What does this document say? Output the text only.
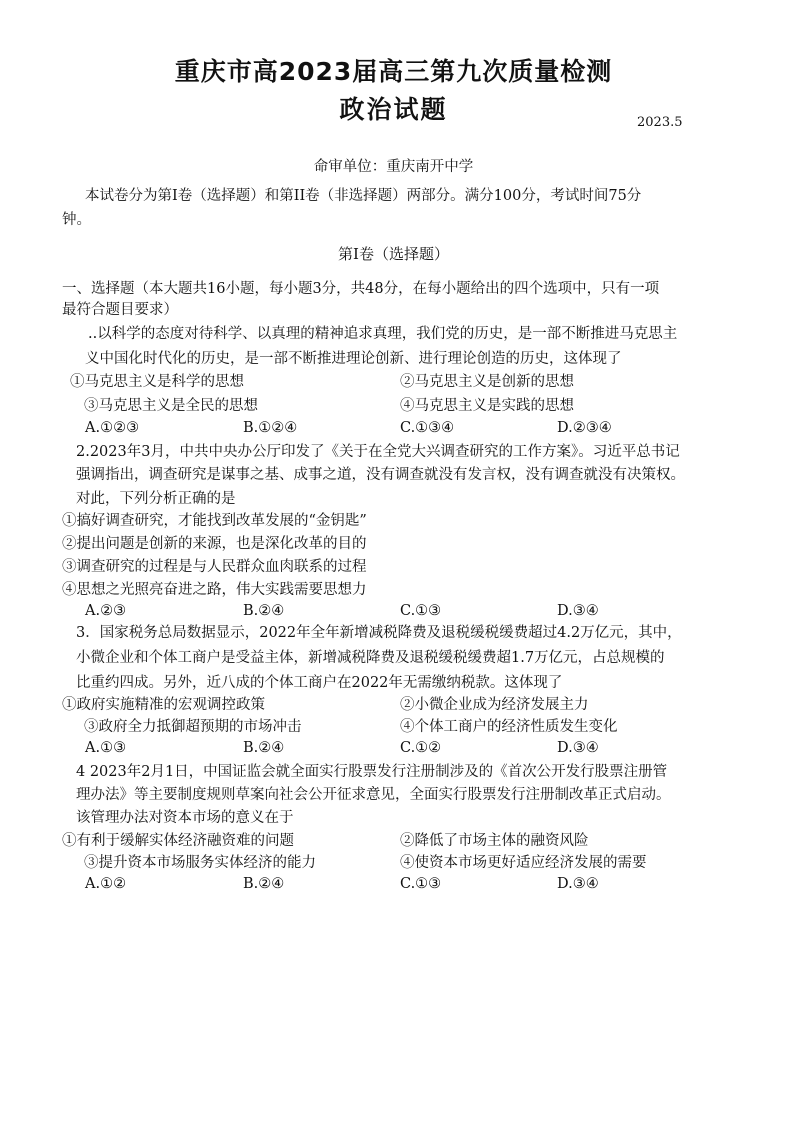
重庆市高2023届高三第九次质量检测
政治试题	2023.5
命审单位：重庆南开中学
本试卷分为第I卷（选择题）和第II卷（非选择题）两部分。满分100分，考试时间75分
钟。
第I卷（选择题）
一、选择题（本大题共16小题，每小题3分，共48分，在每小题给出的四个选项中，只有一项
最符合题目要求）
..以科学的态度对待科学、以真理的精神追求真理，我们党的历史，是一部不断推进马克思主
义中国化时代化的历史，是一部不断推进理论创新、进行理论创造的历史，这体现了
①马克思主义是科学的思想	②马克思主义是创新的思想
③马克思主义是全民的思想	④马克思主义是实践的思想
A.①②③	B.①②④	C.①③④	D.②③④
2.2023年3月，中共中央办公厅印发了《关于在全党大兴调查研究的工作方案》。习近平总书记
强调指出，调查研究是谋事之基、成事之道，没有调查就没有发言权，没有调查就没有决策权。
对此，下列分析正确的是
①搞好调查研究，才能找到改革发展的“金钥匙”
②提出问题是创新的来源，也是深化改革的目的
③调查研究的过程是与人民群众血肉联系的过程
④思想之光照亮奋进之路，伟大实践需要思想力
A.②③	B.②④	C.①③	D.③④
3．国家税务总局数据显示，2022年全年新增减税降费及退税缓税缓费超过4.2万亿元，其中，
小微企业和个体工商户是受益主体，新增减税降费及退税缓税缓费超1.7万亿元，占总规模的
比重约四成。另外，近八成的个体工商户在2022年无需缴纳税款。这体现了
①政府实施精准的宏观调控政策	②小微企业成为经济发展主力
③政府全力抵御超预期的市场冲击	④个体工商户的经济性质发生变化
A.①③	B.②④	C.①②	D.③④
4 2023年2月1日，中国证监会就全面实行股票发行注册制涉及的《首次公开发行股票注册管
理办法》等主要制度规则草案向社会公开征求意见，全面实行股票发行注册制改革正式启动。
该管理办法对资本市场的意义在于
①有利于缓解实体经济融资难的问题	②降低了市场主体的融资风险
③提升资本市场服务实体经济的能力	④使资本市场更好适应经济发展的需要
A.①②	B.②④	C.①③	D.③④
